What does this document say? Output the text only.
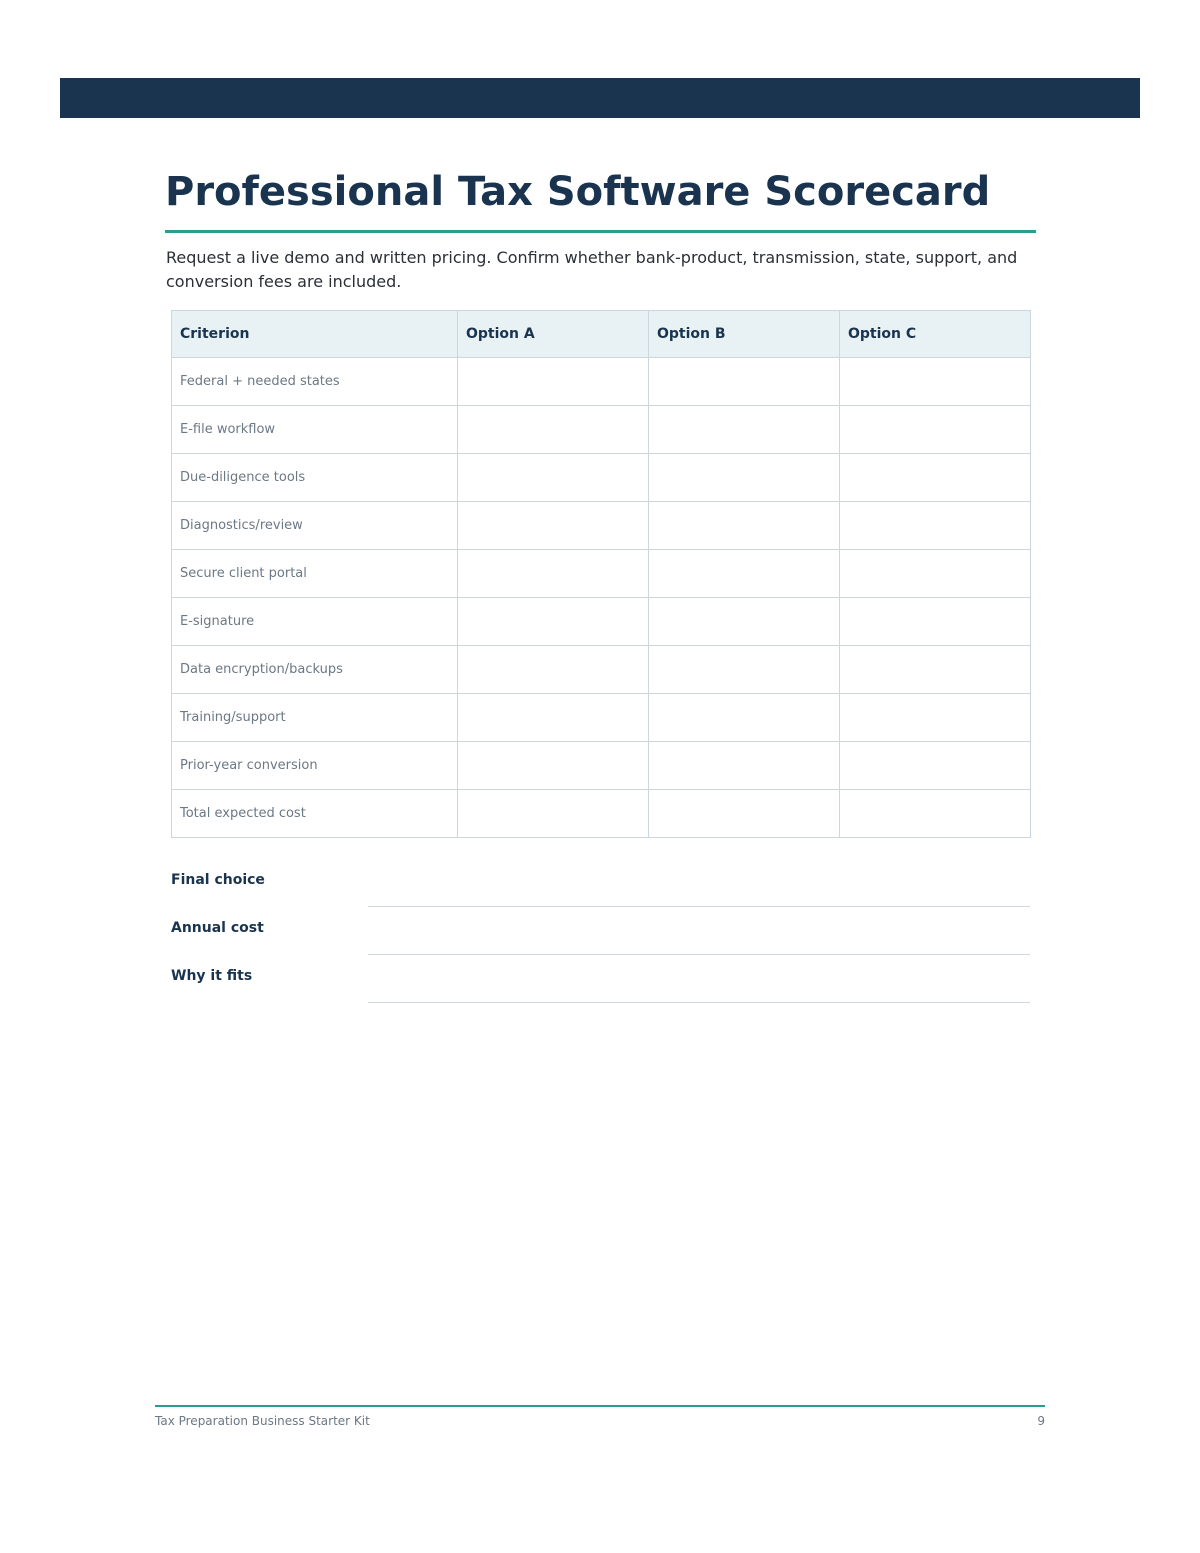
Professional Tax Software Scorecard

Request a live demo and written pricing. Confirm whether bank-product, transmission, state, support, and conversion fees are included.

Criterion	Option A	Option B	Option C
Federal + needed states			
E-file workflow			
Due-diligence tools			
Diagnostics/review			
Secure client portal			
E-signature			
Data encryption/backups			
Training/support			
Prior-year conversion			
Total expected cost			
Final choice
Annual cost
Why it fits
Tax Preparation Business Starter Kit	9
